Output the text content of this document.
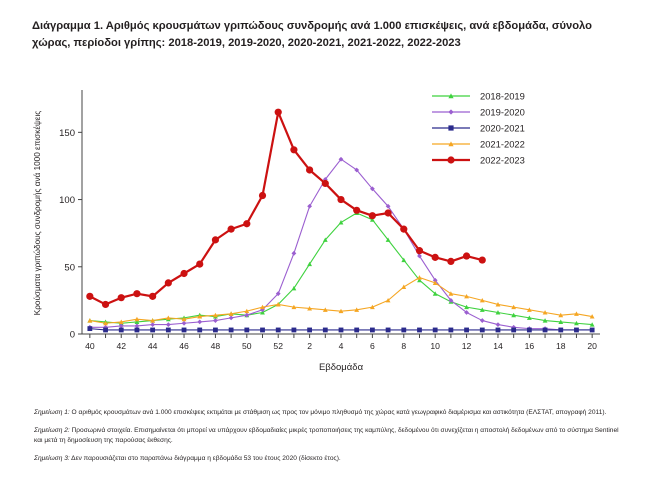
Διάγραμμα 1. Αριθμός κρουσμάτων γριπώδους συνδρομής ανά 1.000 επισκέψεις, ανά εβδομάδα, σύνολο χώρας, περίοδοι γρίπης: 2018-2019, 2019-2020, 2020-2021, 2021-2022, 2022-2023
0
50
100
150
40	42	44	46	48	50	52	2	4	6	8	10	12	14	16	18	20
Εβδομάδα
Κρούσματα γριπώδους συνδρομής ανά 1000 επισκέψεις
2018-2019
2019-2020
2020-2021
2021-2022
2022-2023
Σημείωση 1: Ο αριθμός κρουσμάτων ανά 1.000 επισκέψεις εκτιμάται με στάθμιση ως προς τον μόνιμο πληθυσμό της χώρας κατά γεωγραφικό διαμέρισμα και αστικότητα (ΕΛΣΤΑΤ, απογραφή 2011).
Σημείωση 2: Προσωρινά στοιχεία. Επισημαίνεται ότι μπορεί να υπάρχουν εβδομαδιαίες μικρές τροποποιήσεις της καμπύλης, δεδομένου ότι συνεχίζεται η αποστολή δεδομένων από το σύστημα Sentinel και μετά τη δημοσίευση της παρούσας έκθεσης.
Σημείωση 3: Δεν παρουσιάζεται στο παραπάνω διάγραμμα η εβδομάδα 53 του έτους 2020 (δίσεκτο έτος).
